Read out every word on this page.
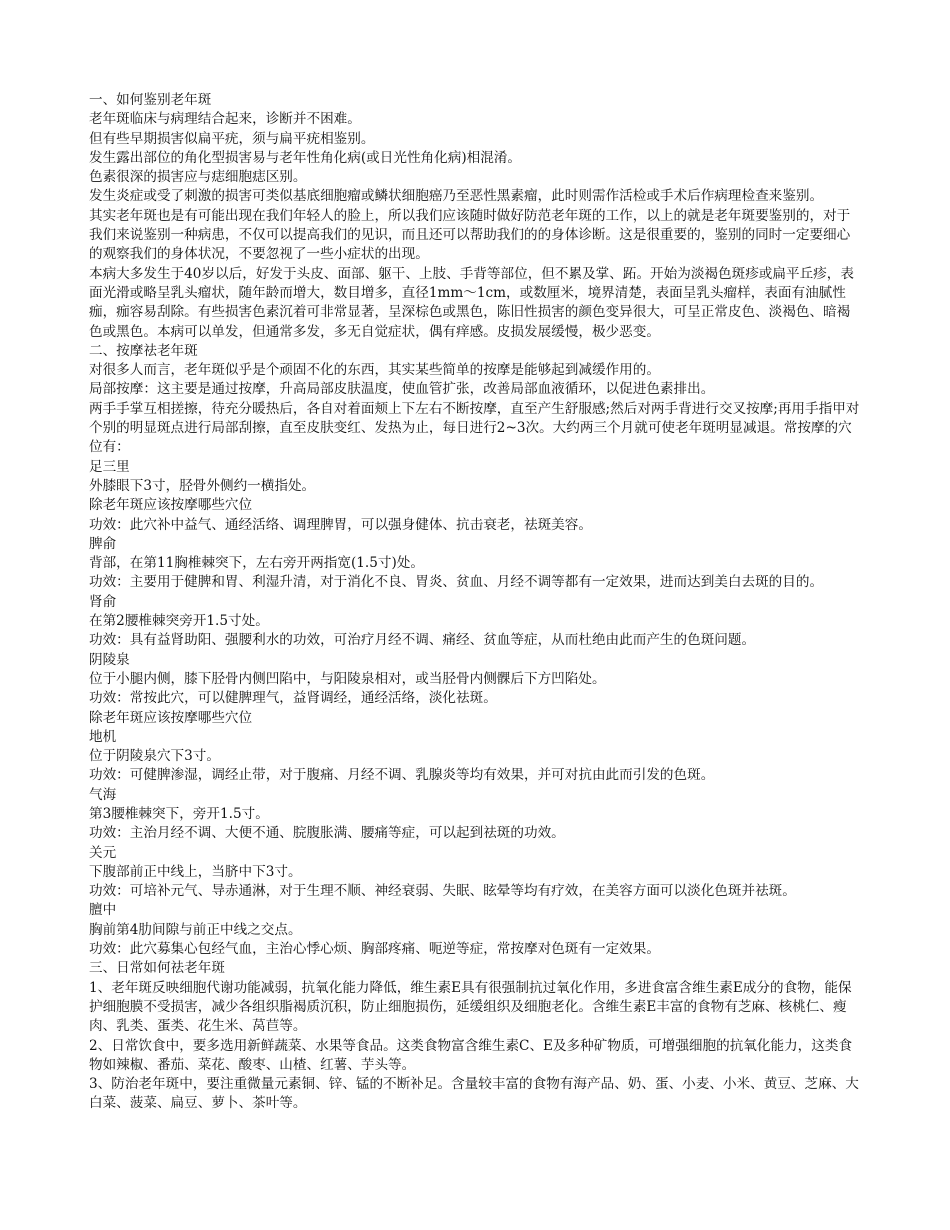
一、如何鉴别老年斑

老年斑临床与病理结合起来，诊断并不困难。

但有些早期损害似扁平疣，须与扁平疣相鉴别。

发生露出部位的角化型损害易与老年性角化病(或日光性角化病)相混淆。

色素很深的损害应与痣细胞痣区别。

发生炎症或受了刺激的损害可类似基底细胞瘤或鳞状细胞癌乃至恶性黑素瘤，此时则需作活检或手术后作病理检查来鉴别。

其实老年斑也是有可能出现在我们年轻人的脸上，所以我们应该随时做好防范老年斑的工作，以上的就是老年斑要鉴别的，对于我们来说鉴别一种病患，不仅可以提高我们的见识，而且还可以帮助我们的的身体诊断。这是很重要的，鉴别的同时一定要细心的观察我们的身体状况，不要忽视了一些小症状的出现。

本病大多发生于40岁以后，好发于头皮、面部、躯干、上肢、手背等部位，但不累及掌、跖。开始为淡褐色斑疹或扁平丘疹，表面光滑或略呈乳头瘤状，随年龄而增大，数目增多，直径1mm～1cm，或数厘米，境界清楚，表面呈乳头瘤样，表面有油腻性痂，痂容易刮除。有些损害色素沉着可非常显著，呈深棕色或黑色，陈旧性损害的颜色变异很大，可呈正常皮色、淡褐色、暗褐色或黑色。本病可以单发，但通常多发，多无自觉症状，偶有痒感。皮损发展缓慢，极少恶变。

二、按摩祛老年斑

对很多人而言，老年斑似乎是个顽固不化的东西，其实某些简单的按摩是能够起到减缓作用的。

局部按摩：这主要是通过按摩，升高局部皮肤温度，使血管扩张，改善局部血液循环，以促进色素排出。

两手手掌互相搓擦，待充分暖热后，各自对着面颊上下左右不断按摩，直至产生舒服感;然后对两手背进行交叉按摩;再用手指甲对个别的明显斑点进行局部刮擦，直至皮肤变红、发热为止，每日进行2~3次。大约两三个月就可使老年斑明显减退。常按摩的穴位有：

足三里

外膝眼下3寸，胫骨外侧约一横指处。

除老年斑应该按摩哪些穴位

功效：此穴补中益气、通经活络、调理脾胃，可以强身健体、抗击衰老，祛斑美容。

脾俞

背部，在第11胸椎棘突下，左右旁开两指宽(1.5寸)处。

功效：主要用于健脾和胃、利湿升清，对于消化不良、胃炎、贫血、月经不调等都有一定效果，进而达到美白去斑的目的。

肾俞

在第2腰椎棘突旁开1.5寸处。

功效：具有益肾助阳、强腰利水的功效，可治疗月经不调、痛经、贫血等症，从而杜绝由此而产生的色斑问题。

阴陵泉

位于小腿内侧，膝下胫骨内侧凹陷中，与阳陵泉相对，或当胫骨内侧髁后下方凹陷处。

功效：常按此穴，可以健脾理气，益肾调经，通经活络，淡化祛斑。

除老年斑应该按摩哪些穴位

地机

位于阴陵泉穴下3寸。

功效：可健脾渗湿，调经止带，对于腹痛、月经不调、乳腺炎等均有效果，并可对抗由此而引发的色斑。

气海

第3腰椎棘突下，旁开1.5寸。

功效：主治月经不调、大便不通、脘腹胀满、腰痛等症，可以起到祛斑的功效。

关元

下腹部前正中线上，当脐中下3寸。

功效：可培补元气、导赤通淋，对于生理不顺、神经衰弱、失眠、眩晕等均有疗效，在美容方面可以淡化色斑并祛斑。

膻中

胸前第4肋间隙与前正中线之交点。

功效：此穴募集心包经气血，主治心悸心烦、胸部疼痛、呃逆等症，常按摩对色斑有一定效果。

三、日常如何祛老年斑

1、老年斑反映细胞代谢功能减弱，抗氧化能力降低，维生素E具有很强制抗过氧化作用，多进食富含维生素E成分的食物，能保护细胞膜不受损害，减少各组织脂褐质沉积，防止细胞损伤，延缓组织及细胞老化。含维生素E丰富的食物有芝麻、核桃仁、瘦肉、乳类、蛋类、花生米、莴苣等。

2、日常饮食中，要多选用新鲜蔬菜、水果等食品。这类食物富含维生素C、E及多种矿物质，可增强细胞的抗氧化能力，这类食物如辣椒、番茄、菜花、酸枣、山楂、红薯、芋头等。

3、防治老年斑中，要注重微量元素铜、锌、锰的不断补足。含量较丰富的食物有海产品、奶、蛋、小麦、小米、黄豆、芝麻、大白菜、菠菜、扁豆、萝卜、茶叶等。
